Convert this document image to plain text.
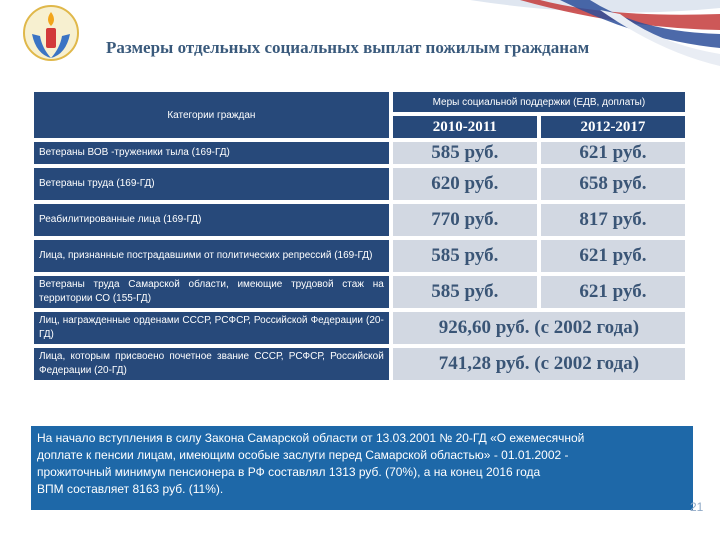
Размеры отдельных социальных выплат пожилым гражданам
Категории граждан	Меры социальной поддержки (ЕДВ, доплаты)	
	2010-2011	2012-2017
Ветераны ВОВ -труженики тыла (169-ГД)	585 руб.	621 руб.
Ветераны труда (169-ГД)	620 руб.	658 руб.
Реабилитированные лица (169-ГД)	770 руб.	817 руб.
Лица, признанные пострадавшими от политических репрессий (169-ГД)	585 руб.	621 руб.
Ветераны труда Самарской области, имеющие трудовой стаж на территории СО (155-ГД)	585 руб.	621 руб.
Лиц, награжденные орденами СССР, РСФСР, Российской Федерации (20-ГД)	926,60 руб. (с 2002 года)	
Лица, которым присвоено почетное звание СССР, РСФСР, Российской Федерации (20-ГД)	741,28 руб. (с 2002 года)	

На начало вступления в силу Закона Самарской области от 13.03.2001 № 20-ГД «О ежемесячной

доплате к пенсии лицам, имеющим особые заслуги перед Самарской областью» - 01.01.2002 -

прожиточный минимум пенсионера в РФ составлял 1313 руб. (70%), а на конец 2016 года

ВПМ составляет 8163 руб. (11%).

21
